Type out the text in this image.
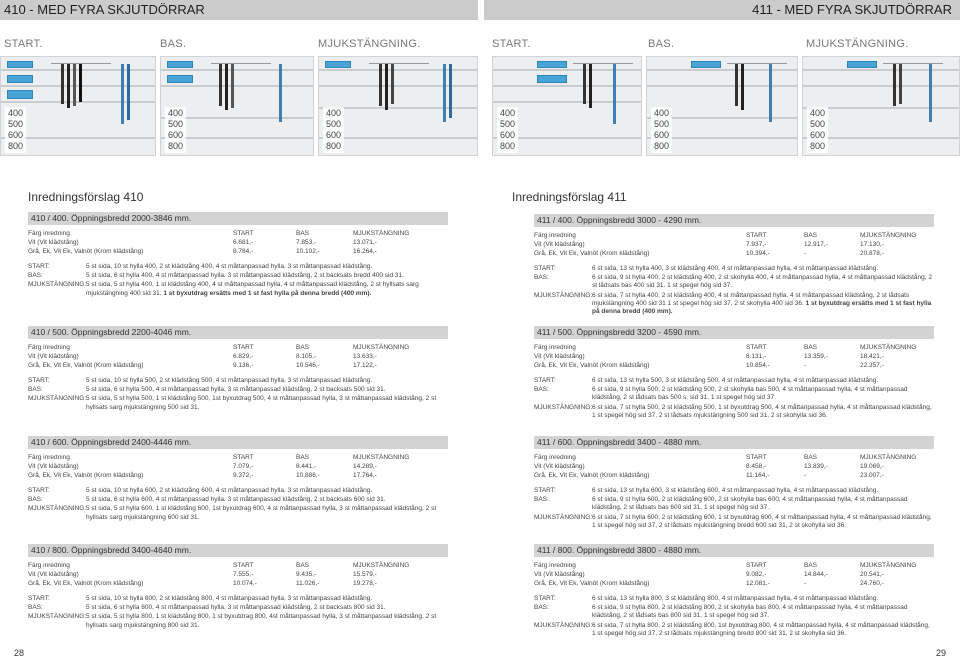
410 - MED FYRA SKJUTDÖRRAR	411 - MED FYRA SKJUTDÖRRAR
START.	BAS.	MJUKSTÄNGNING.	START.	BAS.	MJUKSTÄNGNING.
400
500
600
800
400
500
600
800
400
500
600
800
400
500
600
800
400
500
600
800
400
500
600
800
Inredningsförslag 410	Inredningsförslag 411
410 / 400. Öppningsbredd 2000-3846 mm.
Färg inredning	START	BAS	MJUKSTÄNGNING
Vit (Vit klädstång)	6.681,-	7.853,-	13.071,-
Grå, Ek, Vit Ek, Valnöt (Krom klädstång)	8.784,-	10.102,-	16.264,-
START:	5 st sida, 10 st hylla 400, 2 st klädstång 400, 4 st måttanpassad hylla, 3 st måttanpassad klädstång.
BAS:	5 st sida, 6 st hylla 400, 4 st måttanpassad hylla, 3 st måttanpassad klädstång, 2 st backsats bredd 400 sid 31.
MJUKSTÄNGNING: 5 st sida, 5 st hylla 400, 1 st klädstång 400, 4 st måttanpassad hylla, 4 st måttanpassad klädstång, 2 st hyllsats sarg mjukstängning 400 sid 31. 1 st byxutdrag ersätts med 1 st fast hylla på denna bredd (400 mm).
410 / 500. Öppningsbredd 2200-4046 mm.
Färg inredning	START	BAS	MJUKSTÄNGNING
Vit (Vit klädstång)	6.829,-	8.105,-	13.633,-
Grå, Ek, Vit Ek, Valnöt (Krom klädstång)	9.136,-	10.546,-	17.122,-
START:	5 st sida, 10 st hylla 500, 2 st klädstång 500, 4 st måttanpassad hylla, 3 st måttanpassad klädstång.
BAS:	5 st sida, 6 st hylla 500, 4 st måttanpassad hylla, 3 st måttanpassad klädstång, 2 st backsats 500 sid 31.
MJUKSTÄNGNING: 5 st sida, 5 st hylla 500, 1 st klädstång 500, 1st byxutdrag 500, 4 st måttanpassad hylla, 3 st måttanpassad klädstång, 2 st hyllsats sarg mjukstängning 500 sid 31.
410 / 600. Öppningsbredd 2400-4446 mm.
Färg inredning	START	BAS	MJUKSTÄNGNING
Vit (Vit klädstång)	7.079,-	8.441,-	14.289,-
Grå, Ek, Vit Ek, Valnöt (Krom klädstång)	9.372,-	10.886,-	17.764,-
START:	5 st sida, 10 st hylla 600, 2 st klädstång 600, 4 st måttanpassad hylla, 3 st måttanpassad klädstång.
BAS:	5 st sida, 6 st hylla 600, 4 st måttanpassad hylla, 3 st måttanpassad klädstång, 2 st backsats 600 sid 31.
MJUKSTÄNGNING: 5 st sida, 5 st hylla 600, 1 st klädstång 600, 1st byxutdrag 600, 4 st måttanpassad hylla, 3 st måttanpassad klädstång, 2 st hyllsats sarg mjukstängning 600 sid 31.
410 / 800. Öppningsbredd 3400-4640 mm.
Färg inredning	START	BAS	MJUKSTÄNGNING
Vit (Vit klädstång)	7.555,-	9.435,-	15.579,-
Grå, Ek, Vit Ek, Valnöt (Krom klädstång)	10.074,-	11.026,-	19.278,-
START:	5 st sida, 10 st hylla 800, 2 st klädstång 800, 4 st måttanpassad hylla, 3 st måttanpassad klädstång.
BAS:	5 st sida, 6 st hylla 800, 4 st måttanpassad hylla, 3 st måttanpassad klädstång, 2 st backsats 800 sid 31.
MJUKSTÄNGNING: 5 st sida, 5 st hylla 800, 1 st klädstång 800, 1 st byxutdrag 800, 4st måttanpassad hylla, 3 st måttanpassad klädstång, 2 st hyllsats sarg mjukstängning 800 sid 31.
411 / 400. Öppningsbredd 3000 - 4290 mm.
Färg inredning	START	BAS	MJUKSTÄNGNING
Vit (Vit klädstång)	7.937,-	12.917,-	17.130,-
Grå, Ek, Vit Ek, Valnöt (Krom klädstång)	10.394,-	-	20.878,-
START:	6 st sida, 13 st hylla 400, 3 st klädstång 400, 4 st måttanpassad hylla, 4 st måttanpassad klädstång.
BAS:	6 st sida, 9 st hylla 400, 2 st klädstång 400, 2 st skohylla 400, 4 st måttanpassad hylla, 4 st måttanpassad klädstång, 2 st lådsats bas 400 sid 31. 1 st spegel hög sid 37.
MJUKSTÄNGNING: 6 st sida, 7 st hylla 400, 2 st klädstång 400, 4 st måttanpassad hylla, 4 st måttanpassad klädstång, 2 st lådsats mjukstängning 400 sid 31 1 st spegel hög sid 37, 2 st skohylla 400 sid 36. 1 st byxutdrag ersätts med 1 st fast hylla på denna bredd (400 mm).
411 / 500. Öppningsbredd 3200 - 4590 mm.
Färg inredning	START	BAS	MJUKSTÄNGNING
Vit (Vit klädstång)	8.131,-	13.359,-	18.421,-
Grå, Ek, Vit Ek, Valnöt (Krom klädstång)	10.854,-	-	22.357,-
START:	6 st sida, 13 st hylla 500, 3 st klädstång 500, 4 st måttanpassad hylla, 4 st måttanpassad klädstång.
BAS:	6 st sida, 9 st hylla 500, 2 st klädstång 500, 2 st skohylla bas 500, 4 st måttanpassad hylla, 4 st måttanpassad klädstång, 2 st lådsats bas 500 s. sid 31. 1 st spegel hög sid 37.
MJUKSTÄNGNING: 6 st sida, 7 st hylla 500, 2 st klädstång 500, 1 st byxutdrag 500, 4 st måttanpassad hylla, 4 st måttanpassad klädstång, 1 st spegel hög sid 37, 2 st lådsats mjukstängning 500 sid 31, 2 st skohylla sid 36.
411 / 600. Öppningsbredd 3400 - 4880 mm.
Färg inredning	START	BAS	MJUKSTÄNGNING
Vit (Vit klädstång)	8.458,-	13.839,-	19.069,-
Grå, Ek, Vit Ek, Valnöt (Krom klädstång)	11.164,-	-	23.007,-
START:	6 st sida, 13 st hylla 600, 3 st klädstång 600, 4 st måttanpassad hylla, 4 st måttanpassad klädstång.
BAS:	6 st sida, 9 st hylla 600, 2 st klädstång 600, 2 st skohylla bas 600, 4 st måttanpassad hylla, 4 st måttanpassad klädstång, 2 st lådsats bas 600 sid 31. 1 st spegel hög sid 37.
MJUKSTÄNGNING: 6 st sida, 7 st hylla 600, 2 st klädstång 600, 1 st byxutdrag 600, 4 st måttanpassad hylla, 4 st måttanpassad klädstång, 1 st spegel hög sid 37, 2 st lådsats mjukstängning bredd 600 sid 31, 2 st skohylla sid 36.
411 / 800. Öppningsbredd 3800 - 4880 mm.
Färg inredning	START	BAS	MJUKSTÄNGNING
Vit (Vit klädstång)	9.082,-	14.844,-	20.541,-
Grå, Ek, Vit Ek, Valnöt (Krom klädstång)	12.081,-	-	24.760,-
START:	6 st sida, 13 st hylla 800, 3 st klädstång 800, 4 st måttanpassad hylla, 4 st måttanpassad klädstång.
BAS:	6 st sida, 9 st hylla 800, 2 st klädstång 800, 2 st skohylla bas 800, 4 st måttanpassad hylla, 4 st måttanpassad klädstång, 2 st lådsats bas 800 sid 31. 1 st spegel hög sid 37.
MJUKSTÄNGNING: 6 st sida, 7 st hylla 800, 2 st klädstång 800, 1st byxutdrag 800, 4 st måttanpassad hylla, 4 st måttanpassad klädstång, 1 st spegel hög sid 37, 2 st lådsats mjukstängning bredd 800 sid 31, 2 st skohylla sid 36.
28	29
